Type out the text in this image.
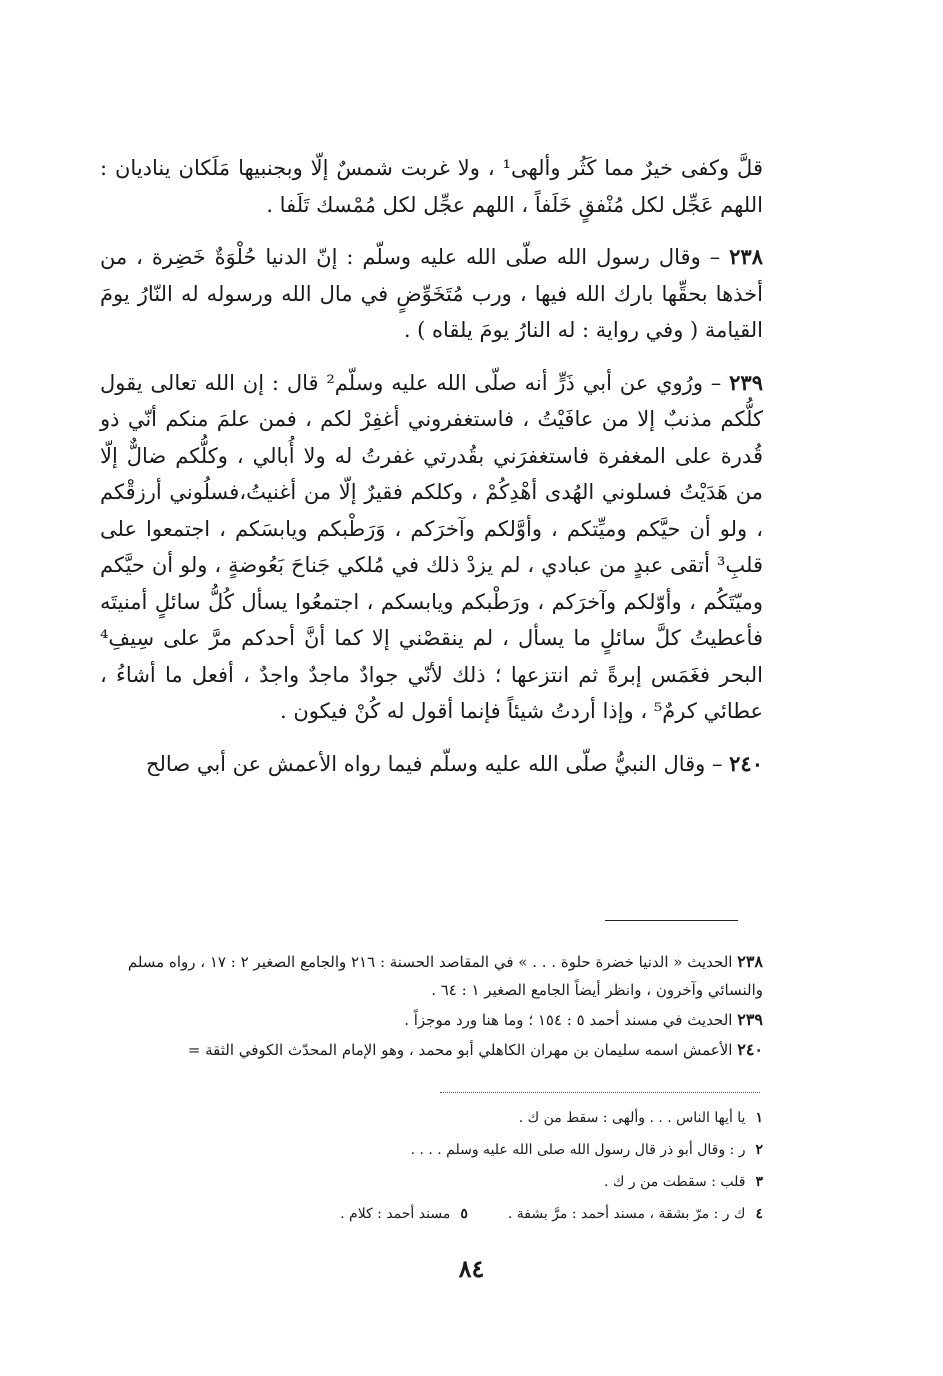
قلَّ وكفى خيرٌ مما كَثُر وألهى¹ ، ولا غربت شمسٌ إلّا وبجنبيها مَلَكان يناديان : اللهم عَجِّل لكل مُنْفقٍ خَلَفاً ، اللهم عجِّل لكل مُمْسك تَلَفا .

٢٣٨ – وقال رسول الله صلّى الله عليه وسلّم : إنّ الدنيا حُلْوَةٌ خَضِرة ، من أخذها بحقِّها بارك الله فيها ، ورب مُتَخَوِّضٍ في مال الله ورسوله له النّارُ يومَ القيامة ( وفي رواية : له النارُ يومَ يلقاه ) .

٢٣٩ – ورُوي عن أبي ذَرٍّ أنه صلّى الله عليه وسلّم² قال : إن الله تعالى يقول كلُّكم مذنبٌ إلا من عافَيْتُ ، فاستغفروني أغفِرْ لكم ، فمن علمَ منكم أنّي ذو قُدرة على المغفرة فاستغفرَني بقُدرتي غفرتُ له ولا أُبالي ، وكلُّكم ضالٌّ إلّا من هَدَيْتُ فسلوني الهُدى أهْدِكُمْ ، وكلكم فقيرٌ إلّا من أغنيتُ،فسلُوني أرزقْكم ، ولو أن حيَّكم وميِّتكم ، وأوَّلكم وآخرَكم ، وَرَطْبكم ويابسَكم ، اجتمعوا على قلبِ³ أتقى عبدٍ من عبادي ، لم يزدْ ذلك في مُلكي جَناحَ بَعُوضةٍ ، ولو أن حيَّكم وميّتَكُم ، وأوّلكم وآخرَكم ، ورَطْبكم ويابسكم ، اجتمعُوا يسأل كُلُّ سائلٍ أمنيتَه فأعطيتُ كلَّ سائلٍ ما يسأل ، لم ينقصْني إلا كما أنَّ أحدكم مرَّ على سِيفِ⁴ البحر فغَمَس إبرةً ثم انتزعها ؛ ذلك لأنّي جوادٌ ماجدٌ واجدٌ ، أفعل ما أشاءُ ، عطائي كرمٌ⁵ ، وإذا أردتُ شيئاً فإنما أقول له كُنْ فيكون .

٢٤٠ – وقال النبيُّ صلّى الله عليه وسلّم فيما رواه الأعمش عن أبي صالح

٢٣٨ الحديث « الدنيا خضرة حلوة . . . » في المقاصد الحسنة : ٢١٦ والجامع الصغير ٢ : ١٧ ، رواه مسلم والنسائي وآخرون ، وانظر أيضاً الجامع الصغير ١ : ٦٤ .

٢٣٩ الحديث في مسند أحمد ٥ : ١٥٤ ؛ وما هنا ورد موجزاً .

٢٤٠ الأعمش اسمه سليمان بن مهران الكاهلي أبو محمد ، وهو الإمام المحدّث الكوفي الثقة =

١يا أيها الناس . . . وألهى : سقط من ك .

٢ر : وقال أبو ذر قال رسول الله صلى الله عليه وسلم . . . .

٣قلب : سقطت من ر ك .

٤ك ر : مرّ بشقة ، مسند أحمد : مرَّ بشفة .٥مسند أحمد : كلام .

٨٤
